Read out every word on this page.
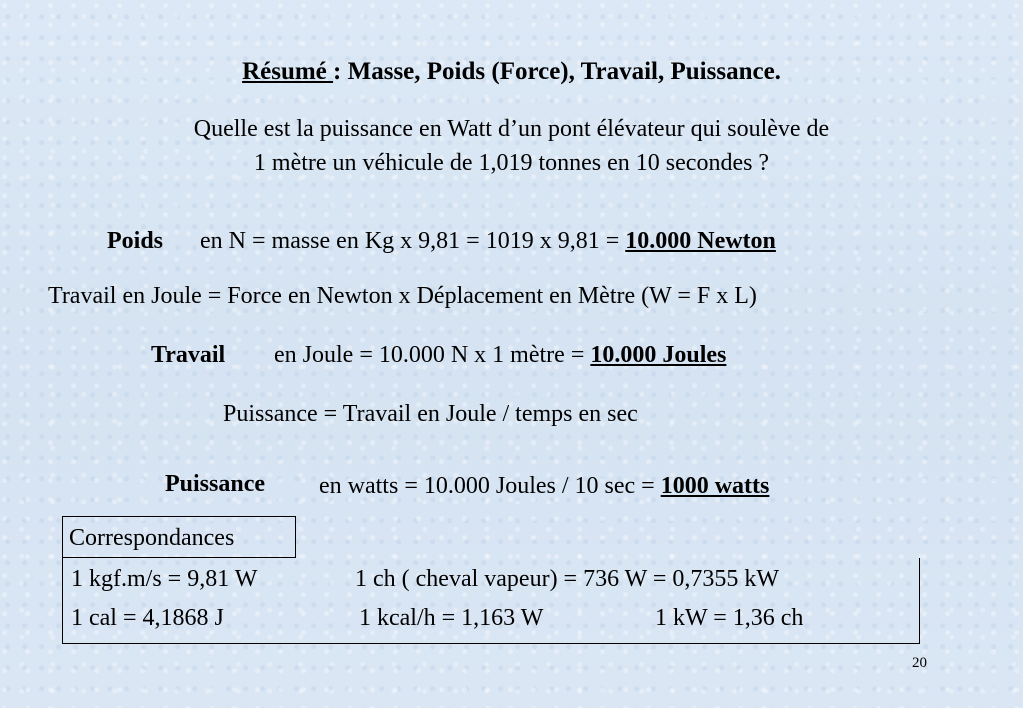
Résumé : Masse, Poids (Force), Travail, Puissance.
Quelle est la puissance en Watt d’un pont élévateur qui soulève de
1 mètre un véhicule de 1,019 tonnes en 10 secondes ?
Poids en N = masse en Kg x 9,81 = 1019 x 9,81 = 10.000 Newton
Travail en Joule = Force en Newton x Déplacement en Mètre (W = F x L)
Travail en Joule = 10.000 N x 1 mètre = 10.000 Joules
Puissance = Travail en Joule / temps en sec
Puissance en watts = 10.000 Joules / 10 sec = 1000 watts
Correspondances
1 kgf.m/s = 9,81 W	1 ch ( cheval vapeur) = 736 W = 0,7355 kW
1 cal = 4,1868 J	1 kcal/h = 1,163 W	1 kW = 1,36 ch
20
